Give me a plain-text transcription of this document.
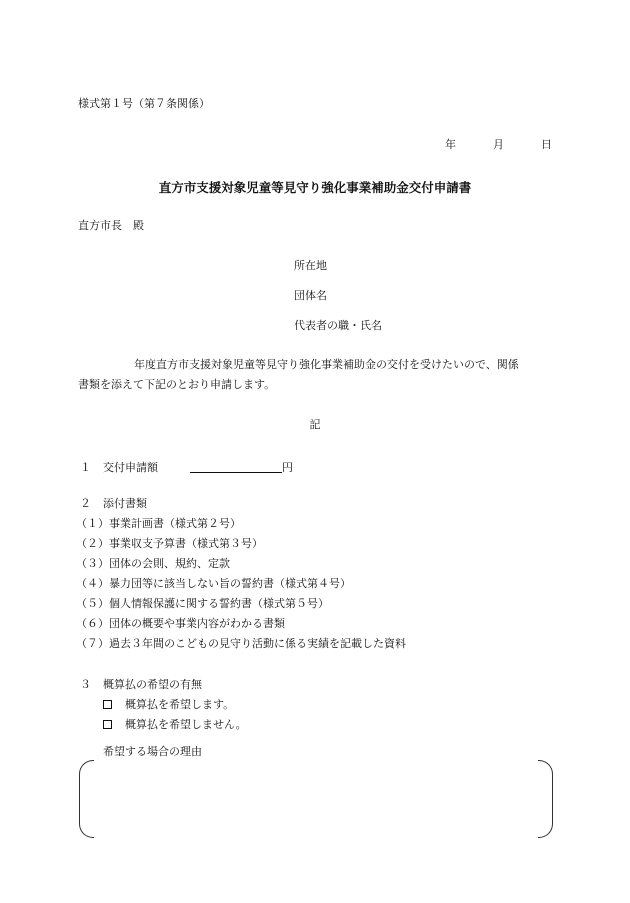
様式第１号（第７条関係）
年	月	日
直方市支援対象児童等見守り強化事業補助金交付申請書
直方市長　殿
所在地
団体名
代表者の職・氏名
年度直方市支援対象児童等見守り強化事業補助金の交付を受けたいので、関係
書類を添えて下記のとおり申請します。
記
１ 交付申請額	円
２ 添付書類
（１）事業計画書（様式第２号）
（２）事業収支予算書（様式第３号）
（３）団体の会則、規約、定款
（４）暴力団等に該当しない旨の誓約書（様式第４号）
（５）個人情報保護に関する誓約書（様式第５号）
（６）団体の概要や事業内容がわかる書類
（７）過去３年間のこどもの見守り活動に係る実績を記載した資料
３ 概算払の希望の有無
概算払を希望します。
概算払を希望しません。
希望する場合の理由
